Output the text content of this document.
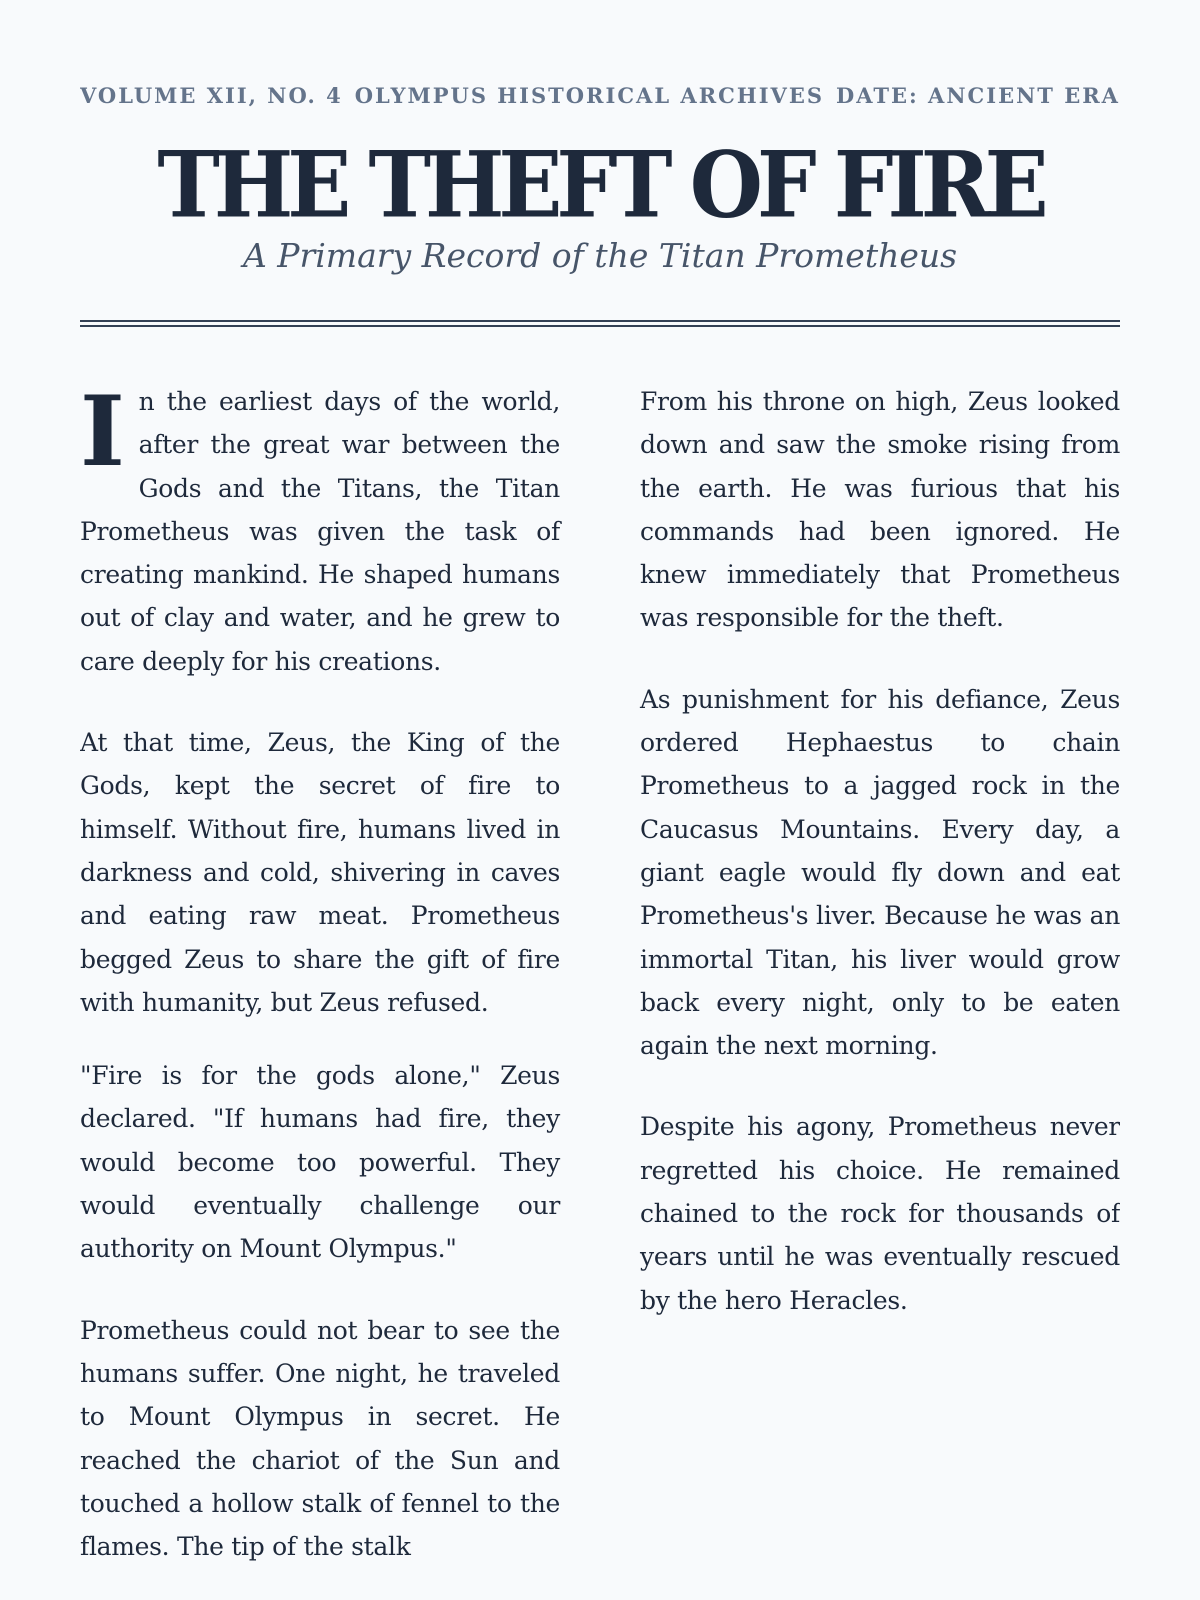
VOLUME XII, NO. 4 OLYMPUS HISTORICAL ARCHIVES DATE: ANCIENT ERA
THE THEFT OF FIRE
A Primary Record of the Titan Prometheus

In the earliest days of the world, after the great war between the Gods and the Titans, the Titan Prometheus was given the task of creating mankind. He shaped humans out of clay and water, and he grew to care deeply for his creations.

At that time, Zeus, the King of the Gods, kept the secret of fire to himself. Without fire, humans lived in darkness and cold, shivering in caves and eating raw meat. Prometheus begged Zeus to share the gift of fire with humanity, but Zeus refused.

"Fire is for the gods alone," Zeus declared. "If humans had fire, they would become too powerful. They would eventually challenge our authority on Mount Olympus."

Prometheus could not bear to see the humans suffer. One night, he traveled to Mount Olympus in secret. He reached the chariot of the Sun and touched a hollow stalk of fennel to the flames. The tip of the stalk

From his throne on high, Zeus looked down and saw the smoke rising from the earth. He was furious that his commands had been ignored. He knew immediately that Prometheus was responsible for the theft.

As punishment for his defiance, Zeus ordered Hephaestus to chain Prometheus to a jagged rock in the Caucasus Mountains. Every day, a giant eagle would fly down and eat Prometheus's liver. Because he was an immortal Titan, his liver would grow back every night, only to be eaten again the next morning.

Despite his agony, Prometheus never regretted his choice. He remained chained to the rock for thousands of years until he was eventually rescued by the hero Heracles.
